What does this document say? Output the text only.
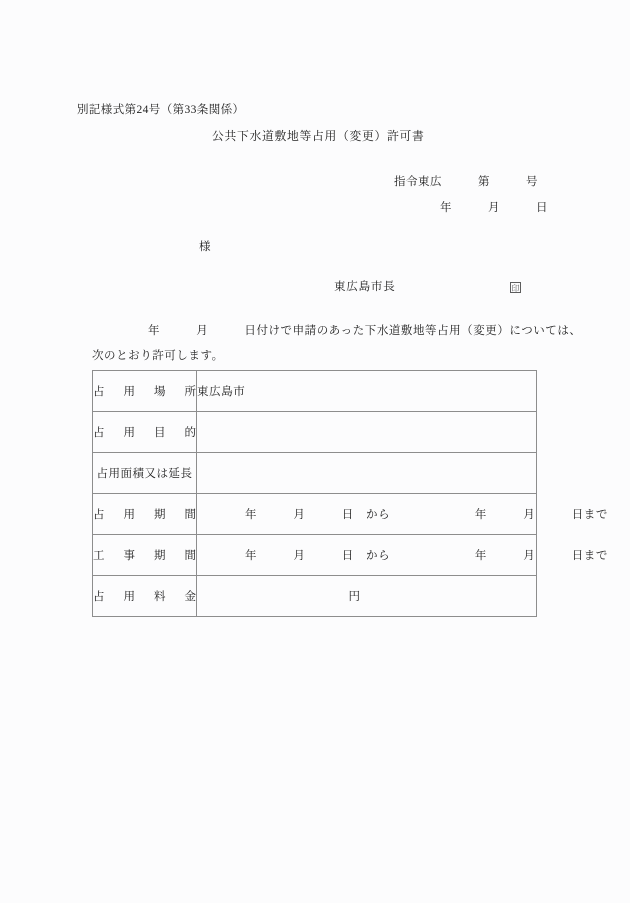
別記様式第24号（第33条関係）
公共下水道敷地等占用（変更）許可書
指令東広　　　第　　　号
年　　　月　　　日
様
東広島市長	印
年　　　月　　　日付けで申請のあった下水道敷地等占用（変更）については、
次のとおり許可します。
占 用 場 所	東広島市

占 用 目 的	

占用面積又は延長	

占 用 期 間	年　　　月　　　日　から　　　　　　　年　　　月　　　日まで

工 事 期 間	年　　　月　　　日　から　　　　　　　年　　　月　　　日まで

占 用 料 金	円
